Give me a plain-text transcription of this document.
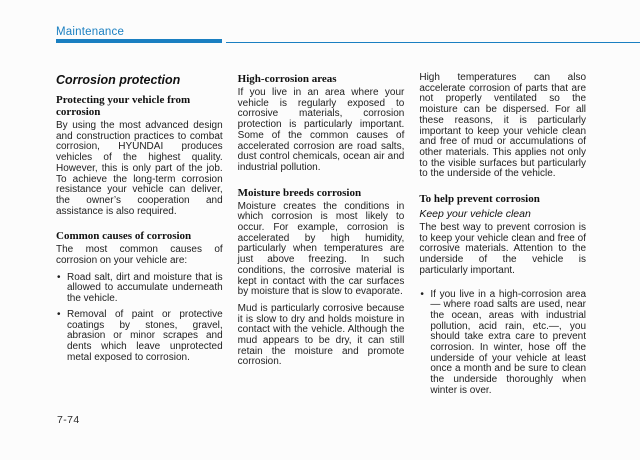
Maintenance
Corrosion protection
Protecting your vehicle from corrosion

By using the most advanced design and construction practices to combat corrosion, HYUNDAI produces vehicles of the highest quality. However, this is only part of the job. To achieve the long-term corrosion resistance your vehicle can deliver, the owner’s cooperation and assistance is also required.

Common causes of corrosion

The most common causes of corrosion on your vehicle are:

• Road salt, dirt and moisture that is allowed to accumulate underneath the vehicle.
• Removal of paint or protective coatings by stones, gravel, abrasion or minor scrapes and dents which leave unprotected metal exposed to corrosion.
High-corrosion areas

If you live in an area where your vehicle is regularly exposed to corrosive materials, corrosion protection is particularly important. Some of the common causes of accelerated corrosion are road salts, dust control chemicals, ocean air and industrial pollution.

Moisture breeds corrosion

Moisture creates the conditions in which corrosion is most likely to occur. For example, corrosion is accelerated by high humidity, particularly when temperatures are just above freezing. In such conditions, the corrosive material is kept in contact with the car surfaces by moisture that is slow to evaporate.

Mud is particularly corrosive because it is slow to dry and holds moisture in contact with the vehicle. Although the mud appears to be dry, it can still retain the moisture and promote corrosion.

High temperatures can also accelerate corrosion of parts that are not properly ventilated so the moisture can be dispersed. For all these reasons, it is particularly important to keep your vehicle clean and free of mud or accumulations of other materials. This applies not only to the visible surfaces but particularly to the underside of the vehicle.

To help prevent corrosion
Keep your vehicle clean

The best way to prevent corrosion is to keep your vehicle clean and free of corrosive materials. Attention to the underside of the vehicle is particularly important.

• If you live in a high-corrosion area — where road salts are used, near the ocean, areas with industrial pollution, acid rain, etc.—, you should take extra care to prevent corrosion. In winter, hose off the underside of your vehicle at least once a month and be sure to clean the underside thoroughly when winter is over.
7-74
